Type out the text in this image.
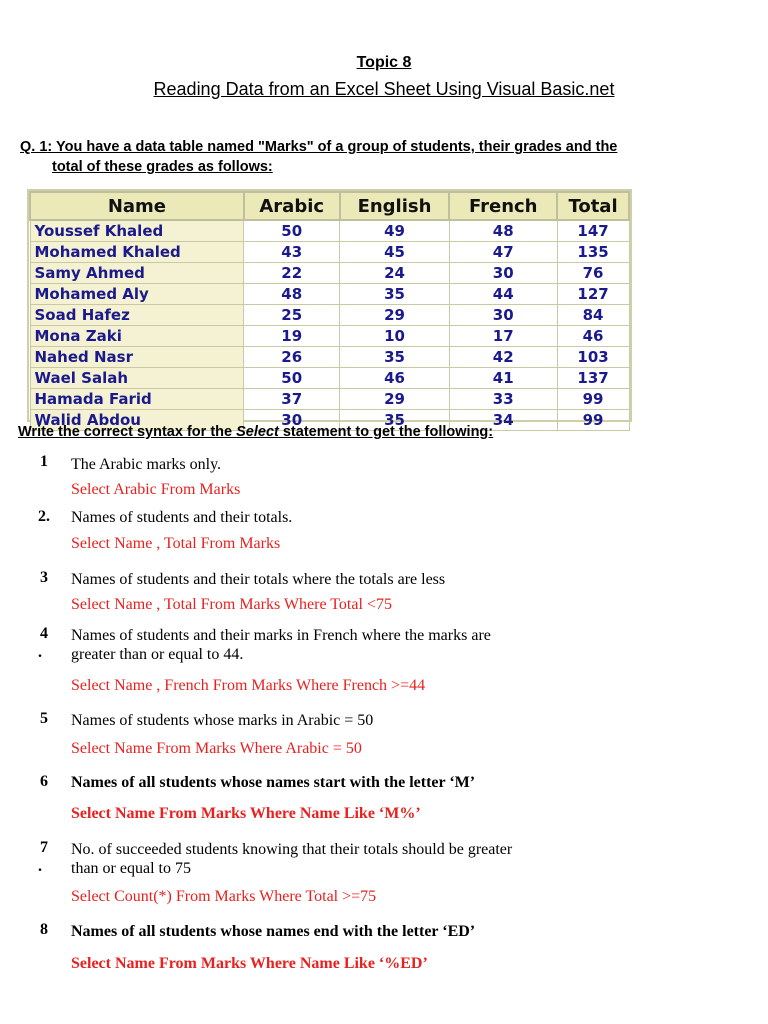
Topic 8
Reading Data from an Excel Sheet Using Visual Basic.net
Q. 1: You have a data table named "Marks" of a group of students, their grades and the
total of these grades as follows:
Name	Arabic	English	French	Total
Youssef Khaled	50	49	48	147
Mohamed Khaled	43	45	47	135
Samy Ahmed	22	24	30	76
Mohamed Aly	48	35	44	127
Soad Hafez	25	29	30	84
Mona Zaki	19	10	17	46
Nahed Nasr	26	35	42	103
Wael Salah	50	46	41	137
Hamada Farid	37	29	33	99
Walid Abdou	30	35	34	99
Write the correct syntax for the Select statement to get the following:
1	The Arabic marks only.
Select Arabic From Marks
2. Names of students and their totals.
Select Name , Total From Marks
3	Names of students and their totals where the totals are less
Select Name , Total From Marks Where Total <75
4
.
Names of students and their marks in French where the marks are greater than or equal to 44.
Select Name , French From Marks Where French >=44
5	Names of students whose marks in Arabic = 50
Select Name From Marks Where Arabic = 50
6	Names of all students whose names start with the letter ‘M’
Select Name From Marks Where Name Like ‘M%’
7
.
No. of succeeded students knowing that their totals should be greater than or equal to 75
Select Count(*) From Marks Where Total >=75
8	Names of all students whose names end with the letter ‘ED’
Select Name From Marks Where Name Like ‘%ED’
